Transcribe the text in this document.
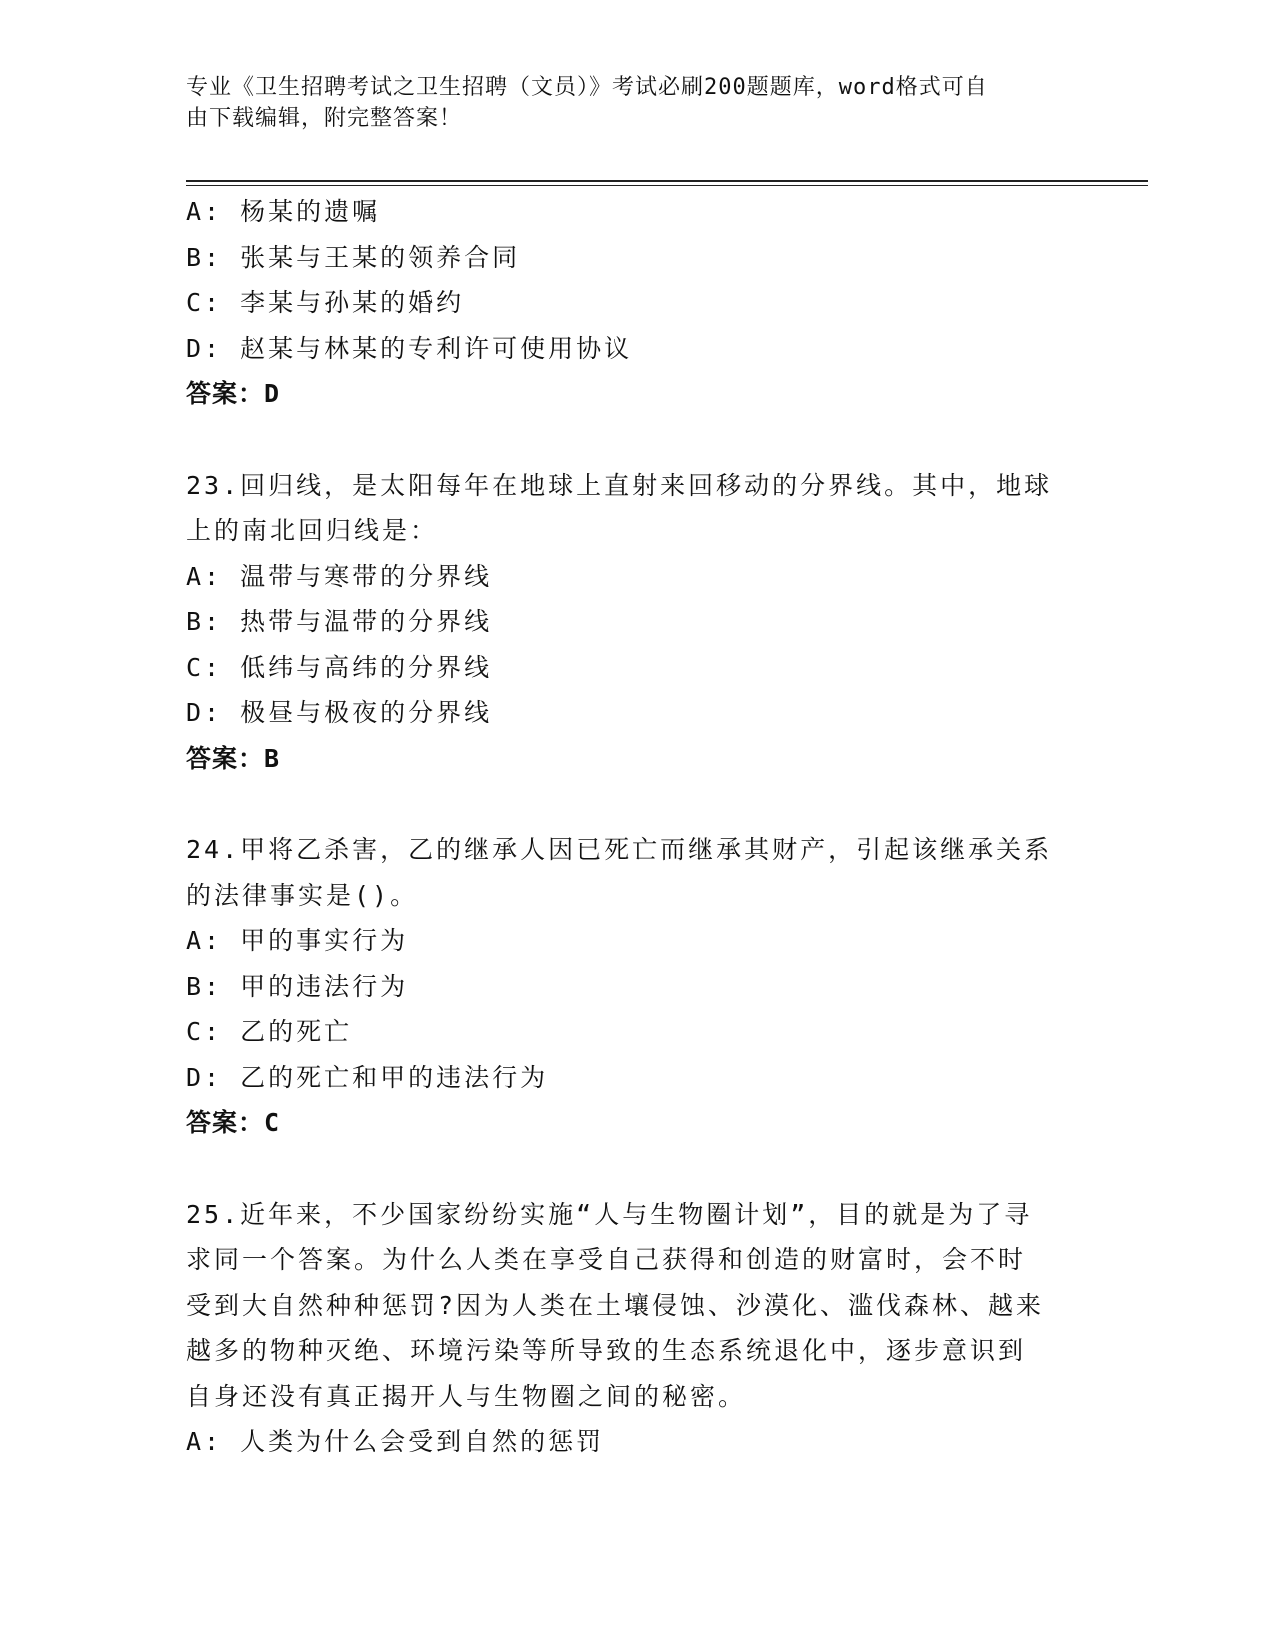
专业《卫生招聘考试之卫生招聘（文员）》考试必刷200题题库，word格式可自
由下载编辑，附完整答案！
A: 杨某的遗嘱
B: 张某与王某的领养合同
C: 李某与孙某的婚约
D: 赵某与林某的专利许可使用协议
答案：D
23.回归线，是太阳每年在地球上直射来回移动的分界线。其中，地球
上的南北回归线是：
A: 温带与寒带的分界线
B: 热带与温带的分界线
C: 低纬与高纬的分界线
D: 极昼与极夜的分界线
答案：B
24.甲将乙杀害，乙的继承人因已死亡而继承其财产，引起该继承关系
的法律事实是()。
A: 甲的事实行为
B: 甲的违法行为
C: 乙的死亡
D: 乙的死亡和甲的违法行为
答案：C
25.近年来，不少国家纷纷实施“人与生物圈计划”，目的就是为了寻
求同一个答案。为什么人类在享受自己获得和创造的财富时，会不时
受到大自然种种惩罚?因为人类在土壤侵蚀、沙漠化、滥伐森林、越来
越多的物种灭绝、环境污染等所导致的生态系统退化中，逐步意识到
自身还没有真正揭开人与生物圈之间的秘密。
A: 人类为什么会受到自然的惩罚
